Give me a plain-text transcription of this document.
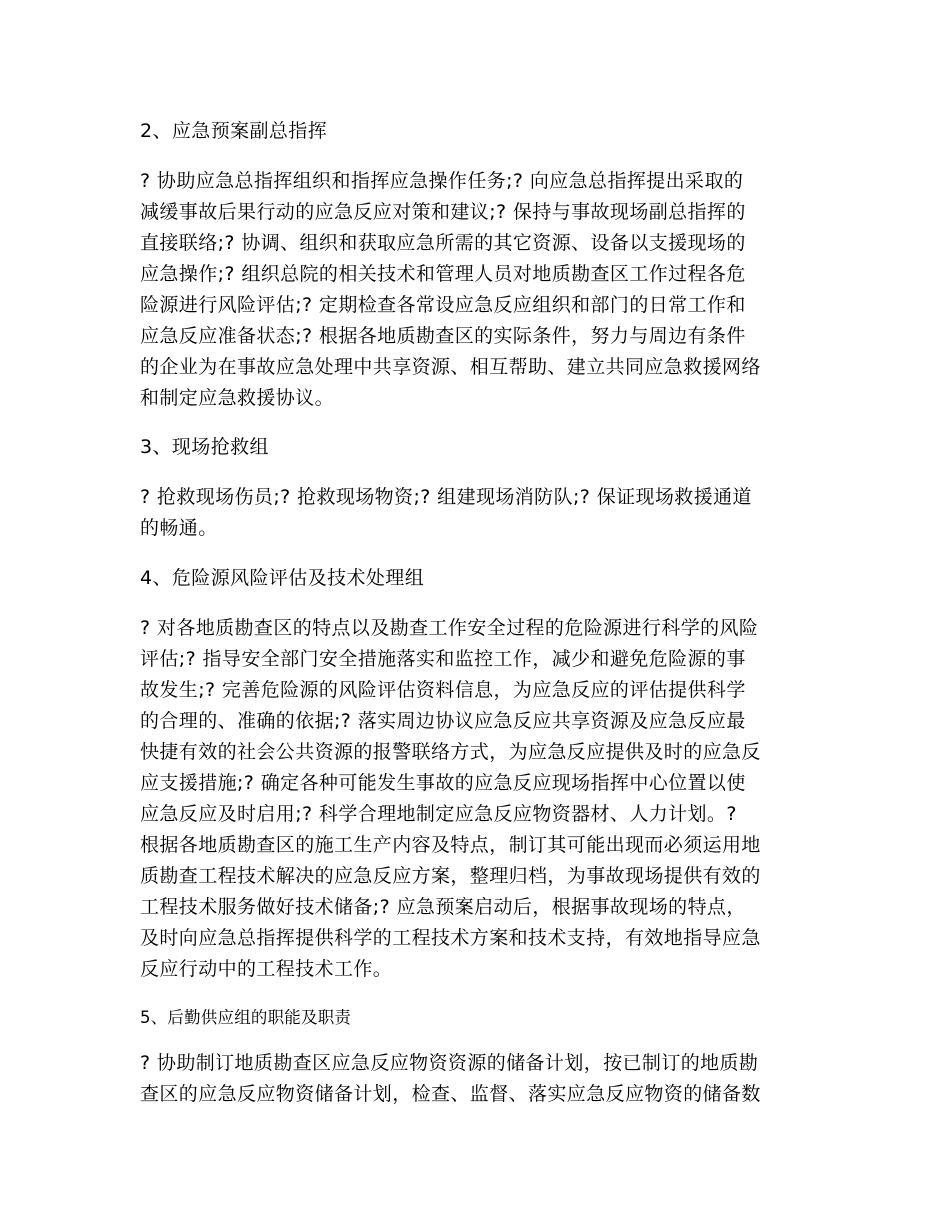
2、应急预案副总指挥
? 协助应急总指挥组织和指挥应急操作任务;? 向应急总指挥提出采取的
减缓事故后果行动的应急反应对策和建议;? 保持与事故现场副总指挥的
直接联络;? 协调、组织和获取应急所需的其它资源、设备以支援现场的
应急操作;? 组织总院的相关技术和管理人员对地质勘查区工作过程各危
险源进行风险评估;? 定期检查各常设应急反应组织和部门的日常工作和
应急反应准备状态;? 根据各地质勘查区的实际条件，努力与周边有条件
的企业为在事故应急处理中共享资源、相互帮助、建立共同应急救援网络
和制定应急救援协议。
3、现场抢救组
? 抢救现场伤员;? 抢救现场物资;? 组建现场消防队;? 保证现场救援通道
的畅通。
4、危险源风险评估及技术处理组
? 对各地质勘查区的特点以及勘查工作安全过程的危险源进行科学的风险
评估;? 指导安全部门安全措施落实和监控工作，减少和避免危险源的事
故发生;? 完善危险源的风险评估资料信息，为应急反应的评估提供科学
的合理的、准确的依据;? 落实周边协议应急反应共享资源及应急反应最
快捷有效的社会公共资源的报警联络方式，为应急反应提供及时的应急反
应支援措施;? 确定各种可能发生事故的应急反应现场指挥中心位置以使
应急反应及时启用;? 科学合理地制定应急反应物资器材、人力计划。?
根据各地质勘查区的施工生产内容及特点，制订其可能出现而必须运用地
质勘查工程技术解决的应急反应方案，整理归档，为事故现场提供有效的
工程技术服务做好技术储备;? 应急预案启动后，根据事故现场的特点，
及时向应急总指挥提供科学的工程技术方案和技术支持，有效地指导应急
反应行动中的工程技术工作。
5、后勤供应组的职能及职责
? 协助制订地质勘查区应急反应物资资源的储备计划，按已制订的地质勘
查区的应急反应物资储备计划，检查、监督、落实应急反应物资的储备数
